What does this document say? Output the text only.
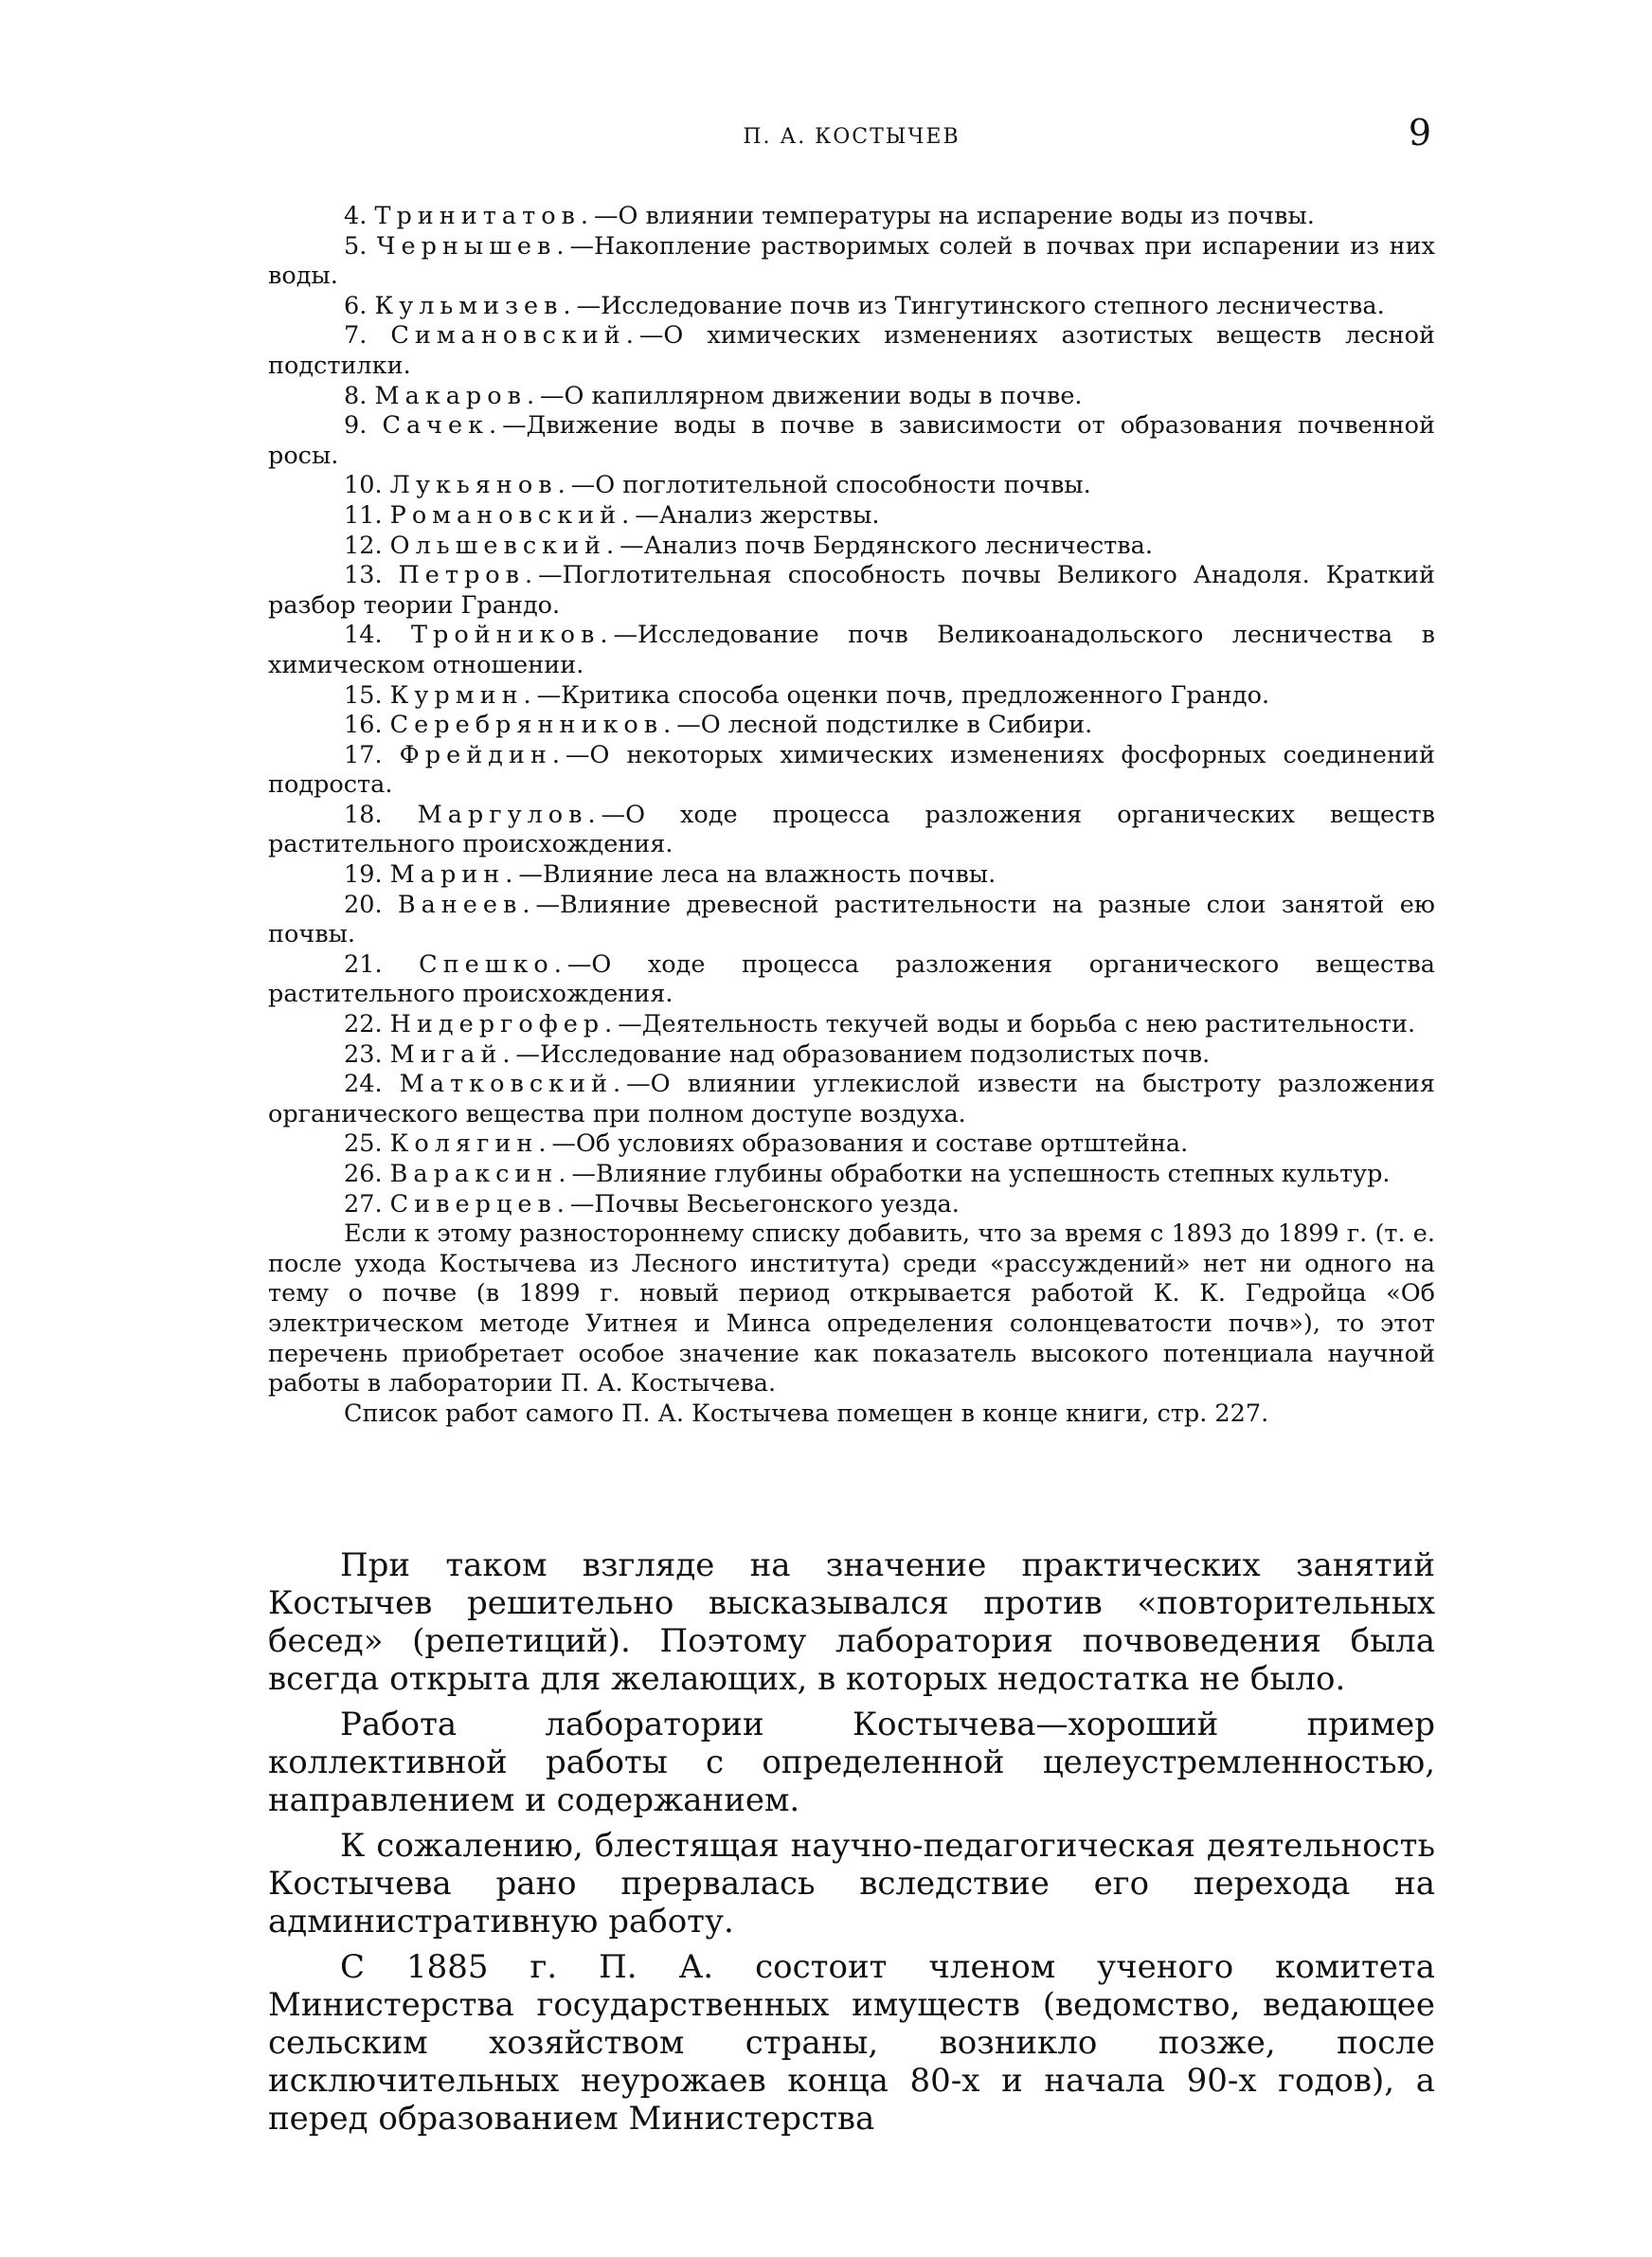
П. А. КОСТЫЧЕВ	9

4. Тринитатов.—О влиянии температуры на испарение воды из почвы.

5. Чернышев.—Накопление растворимых солей в почвах при испарении из них воды.

6. Кульмизев.—Исследование почв из Тингутинского степного лесничества.

7. Симановский.—О химических изменениях азотистых веществ лесной подстилки.

8. Макаров.—О капиллярном движении воды в почве.

9. Сачек.—Движение воды в почве в зависимости от образования почвенной росы.

10. Лукьянов.—О поглотительной способности почвы.

11. Романовский.—Анализ жерствы.

12. Ольшевский.—Анализ почв Бердянского лесничества.

13. Петров.—Поглотительная способность почвы Великого Анадоля. Краткий разбор теории Грандо.

14. Тройников.—Исследование почв Великоанадольского лесничества в химическом отношении.

15. Курмин.—Критика способа оценки почв, предложенного Грандо.

16. Серебрянников.—О лесной подстилке в Сибири.

17. Фрейдин.—О некоторых химических изменениях фосфорных соединений подроста.

18. Маргулов.—О ходе процесса разложения органических веществ растительного происхождения.

19. Марин.—Влияние леса на влажность почвы.

20. Ванеев.—Влияние древесной растительности на разные слои занятой ею почвы.

21. Спешко.—О ходе процесса разложения органического вещества растительного происхождения.

22. Нидергофер.—Деятельность текучей воды и борьба с нею растительности.

23. Мигай.—Исследование над образованием подзолистых почв.

24. Матковский.—О влиянии углекислой извести на быстроту разложения органического вещества при полном доступе воздуха.

25. Колягин.—Об условиях образования и составе ортштейна.

26. Вараксин.—Влияние глубины обработки на успешность степных культур.

27. Сиверцев.—Почвы Весьегонского уезда.

Если к этому разностороннему списку добавить, что за время с 1893 до 1899 г. (т. е. после ухода Костычева из Лесного института) среди «рассуждений» нет ни одного на тему о почве (в 1899 г. новый период открывается работой К. К. Гедройца «Об электрическом методе Уитнея и Минса определения солонцеватости почв»), то этот перечень приобретает особое значение как показатель высокого потенциала научной работы в лаборатории П. А. Костычева.

Список работ самого П. А. Костычева помещен в конце книги, стр. 227.

При таком взгляде на значение практических занятий Костычев решительно высказывался против «повторительных бесед» (репетиций). Поэтому лаборатория почвоведения была всегда открыта для желающих, в которых недостатка не было.

Работа лаборатории Костычева—хороший пример коллективной работы с определенной целеустремленностью, направлением и содержанием.

К сожалению, блестящая научно-педагогическая деятельность Костычева рано прервалась вследствие его перехода на административную работу.

С 1885 г. П. А. состоит членом ученого комитета Министерства государственных имуществ (ведомство, ведающее сельским хозяйством страны, возникло позже, после исключительных неурожаев конца 80-х и начала 90-х годов), а перед образованием Министерства
